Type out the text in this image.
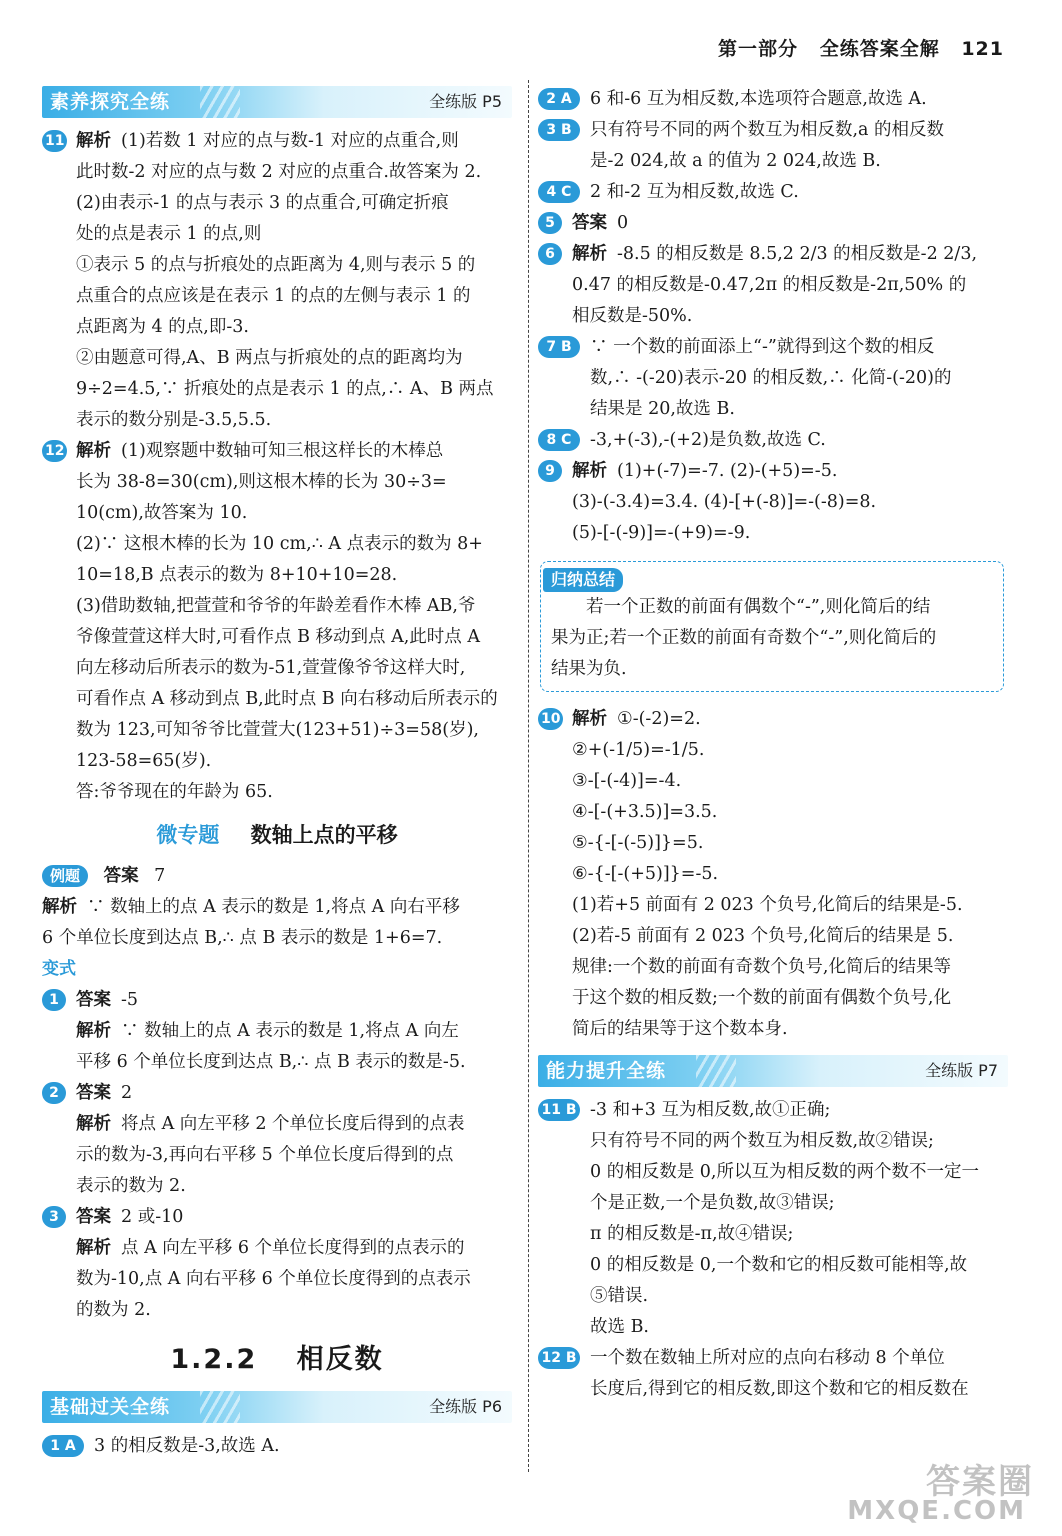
第一部分 全练答案全解 121
素养探究全练	全练版 P5
11 解析 (1)若数 1 对应的点与数-1 对应的点重合,则

此时数-2 对应的点与数 2 对应的点重合.故答案为 2.

(2)由表示-1 的点与表示 3 的点重合,可确定折痕

处的点是表示 1 的点,则

①表示 5 的点与折痕处的点距离为 4,则与表示 5 的

点重合的点应该是在表示 1 的点的左侧与表示 1 的

点距离为 4 的点,即-3.

②由题意可得,A、B 两点与折痕处的点的距离均为

9÷2=4.5,∵ 折痕处的点是表示 1 的点,∴ A、B 两点

表示的数分别是-3.5,5.5.

12 解析 (1)观察题中数轴可知三根这样长的木棒总

长为 38-8=30(cm),则这根木棒的长为 30÷3=

10(cm),故答案为 10.

(2)∵ 这根木棒的长为 10 cm,∴ A 点表示的数为 8+

10=18,B 点表示的数为 8+10+10=28.

(3)借助数轴,把萱萱和爷爷的年龄差看作木棒 AB,爷

爷像萱萱这样大时,可看作点 B 移动到点 A,此时点 A

向左移动后所表示的数为-51,萱萱像爷爷这样大时,

可看作点 A 移动到点 B,此时点 B 向右移动后所表示的

数为 123,可知爷爷比萱萱大(123+51)÷3=58(岁),

123-58=65(岁).

答:爷爷现在的年龄为 65.

微专题 数轴上点的平移

例题 答案 7

解析 ∵ 数轴上的点 A 表示的数是 1,将点 A 向右平移

6 个单位长度到达点 B,∴ 点 B 表示的数是 1+6=7.

变式
1 答案 -5

解析 ∵ 数轴上的点 A 表示的数是 1,将点 A 向左

平移 6 个单位长度到达点 B,∴ 点 B 表示的数是-5.

2 答案 2

解析 将点 A 向左平移 2 个单位长度后得到的点表

示的数为-3,再向右平移 5 个单位长度后得到的点

表示的数为 2.

3 答案 2 或-10

解析 点 A 向左平移 6 个单位长度得到的点表示的

数为-10,点 A 向右平移 6 个单位长度得到的点表示

的数为 2.

1.2.2 相反数
基础过关全练	全练版 P6
1 A	3 的相反数是-3,故选 A.

2 A	6 和-6 互为相反数,本选项符合题意,故选 A.

3 B	只有符号不同的两个数互为相反数,a 的相反数

是-2 024,故 a 的值为 2 024,故选 B.

4 C	2 和-2 互为相反数,故选 C.

5 答案 0

6 解析 -8.5 的相反数是 8.5,2 2/3 的相反数是-2 2/3,

0.47 的相反数是-0.47,2π 的相反数是-2π,50% 的

相反数是-50%.

7 B	∵ 一个数的前面添上“-”就得到这个数的相反

数,∴ -(-20)表示-20 的相反数,∴ 化简-(-20)的

结果是 20,故选 B.

8 C	-3,+(-3),-(+2)是负数,故选 C.

9 解析 (1)+(-7)=-7. (2)-(+5)=-5.

(3)-(-3.4)=3.4. (4)-[+(-8)]=-(-8)=8.

(5)-[-(-9)]=-(+9)=-9.

归纳总结

若一个正数的前面有偶数个“-”,则化简后的结

果为正;若一个正数的前面有奇数个“-”,则化简后的

结果为负.

10 解析 ①-(-2)=2.

②+(-1/5)=-1/5.

③-[-(-4)]=-4.

④-[-(+3.5)]=3.5.

⑤-{-[-(-5)]}=5.

⑥-{-[-(+5)]}=-5.

(1)若+5 前面有 2 023 个负号,化简后的结果是-5.

(2)若-5 前面有 2 023 个负号,化简后的结果是 5.

规律:一个数的前面有奇数个负号,化简后的结果等

于这个数的相反数;一个数的前面有偶数个负号,化

简后的结果等于这个数本身.

能力提升全练	全练版 P7
11 B -3 和+3 互为相反数,故①正确;

只有符号不同的两个数互为相反数,故②错误;

0 的相反数是 0,所以互为相反数的两个数不一定一

个是正数,一个是负数,故③错误;

π 的相反数是-π,故④错误;

0 的相反数是 0,一个数和它的相反数可能相等,故

⑤错误.

故选 B.

12 B 一个数在数轴上所对应的点向右移动 8 个单位

长度后,得到它的相反数,即这个数和它的相反数在

答案圈
MXQE.COM
